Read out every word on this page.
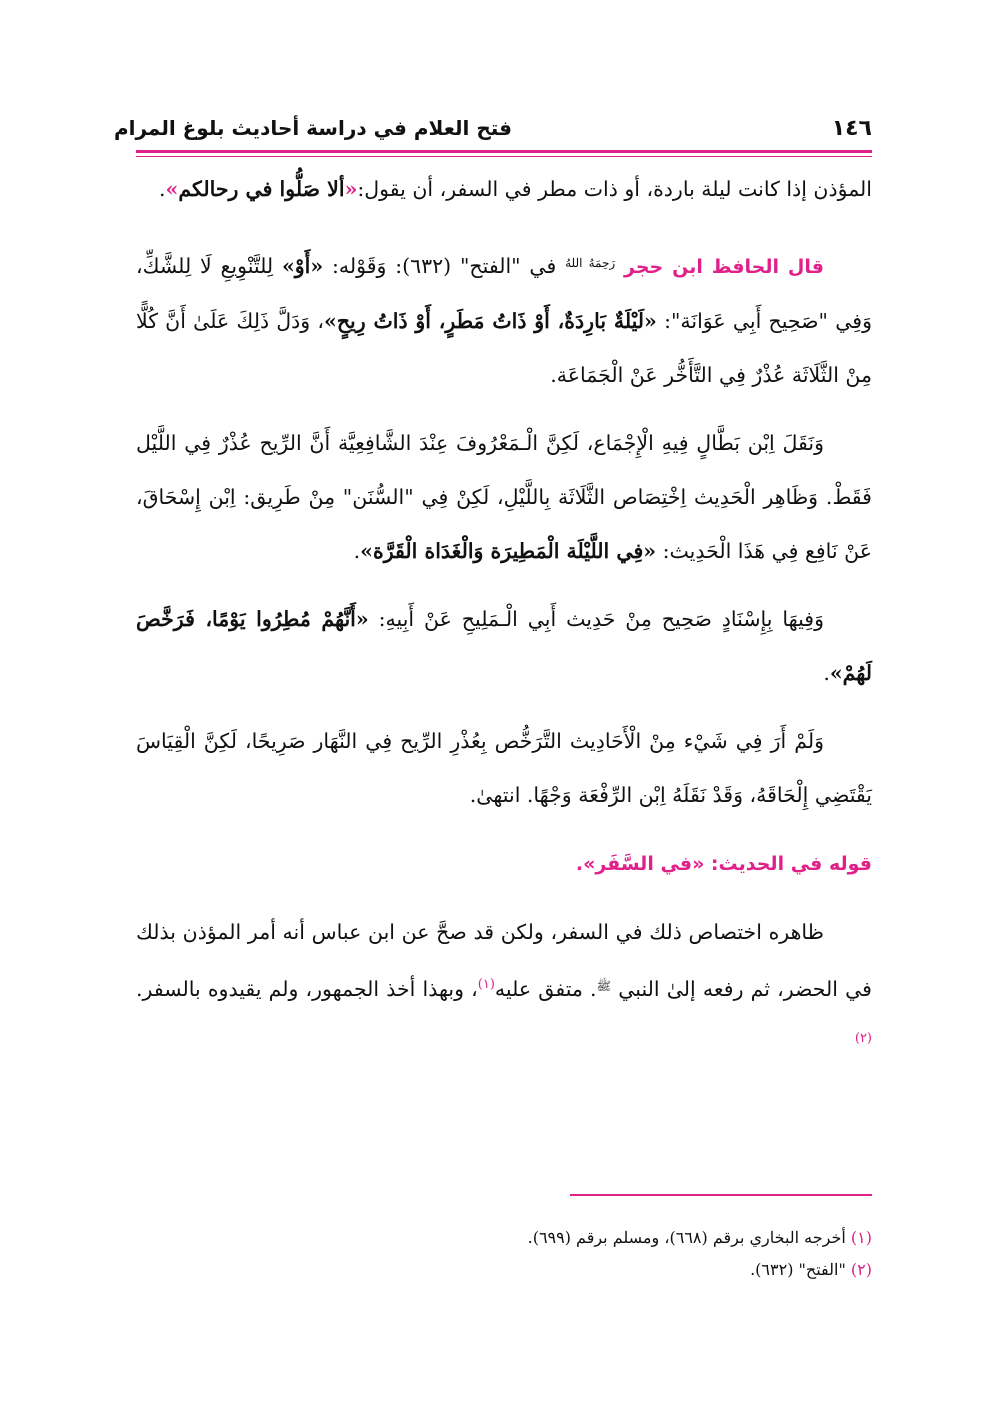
١٤٦
فتح العلام في دراسة أحاديث بلوغ المرام

المؤذن إذا كانت ليلة باردة، أو ذات مطر في السفر، أن يقول:«ألا صَلُّوا في رحالكم».

قال الحافظ ابن حجر $^{رَحِمَهُ اللهُ}$ في "الفتح" (٦٣٢): وَقَوْله: «أَوْ» لِلتَّنْوِيعِ لَا لِلشَّكِّ، وَفِي "صَحِيح أَبِي عَوَانَة": «لَيْلَةٌ بَارِدَةٌ، أَوْ ذَاتُ مَطَرٍ، أَوْ ذَاتُ رِيحٍ»، وَدَلَّ ذَلِكَ عَلَىٰ أَنَّ كُلًّا مِنْ الثَّلَاثَة عُذْرٌ فِي التَّأَخُّر عَنْ الْجَمَاعَة.

وَنَقَلَ اِبْن بَطَّالٍ فِيهِ الْإِجْمَاع، لَكِنَّ الْـمَعْرُوفَ عِنْدَ الشَّافِعِيَّة أَنَّ الرِّيح عُذْرٌ فِي اللَّيْل فَقَطْ. وَظَاهِر الْحَدِيث اِخْتِصَاص الثَّلَاثَة بِاللَّيْلِ، لَكِنْ فِي "السُّنَن" مِنْ طَرِيق: اِبْن إِسْحَاقَ، عَنْ نَافِع فِي هَذَا الْحَدِيث: «فِي اللَّيْلَة الْمَطِيرَة وَالْغَدَاة الْقَرَّة».

وَفِيهَا بِإِسْنَادٍ صَحِيح مِنْ حَدِيث أَبِي الْـمَلِيحِ عَنْ أَبِيهِ: «أَنَّهُمْ مُطِرُوا يَوْمًا، فَرَخَّصَ لَهُمْ».

وَلَمْ أَرَ فِي شَيْء مِنْ الْأَحَادِيث التَّرَخُّص بِعُذْرِ الرِّيح فِي النَّهَار صَرِيحًا، لَكِنَّ الْقِيَاسَ يَقْتَضِي إِلْحَاقَهُ، وَقَدْ نَقَلَهُ اِبْن الرِّفْعَة وَجْهًا. انتهىٰ.

قوله في الحديث: «في السَّفَر».

ظاهره اختصاص ذلك في السفر، ولكن قد صحَّ عن ابن عباس أنه أمر المؤذن بذلك في الحضر، ثم رفعه إلىٰ النبي $^ﷺ$. متفق عليه$^{(١)}$، وبهذا أخذ الجمهور، ولم يقيدوه بالسفر.$^{(٢)}$

(١) أخرجه البخاري برقم (٦٦٨)، ومسلم برقم (٦٩٩).
(٢) "الفتح" (٦٣٢).
